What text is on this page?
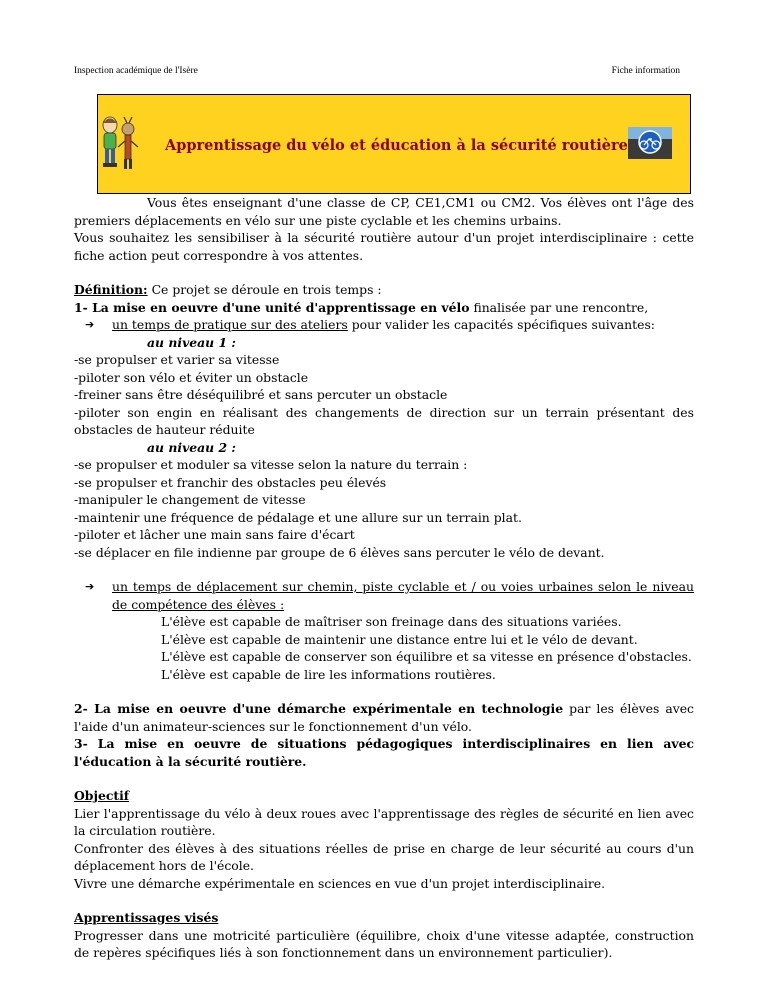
Inspection académique de l'Isère	Fiche information
Apprentissage du vélo et éducation à la sécurité routière

Vous êtes enseignant d'une classe de CP, CE1,CM1 ou CM2. Vos élèves ont l'âge des premiers déplacements en vélo sur une piste cyclable et les chemins urbains.

Vous souhaitez les sensibiliser à la sécurité routière autour d'un projet interdisciplinaire : cette fiche action peut correspondre à vos attentes.

Définition: Ce projet se déroule en trois temps :

1- La mise en oeuvre d'une unité d'apprentissage en vélo finalisée par une rencontre,

➔ un temps de pratique sur des ateliers pour valider les capacités spécifiques suivantes:

au niveau 1 :

-se propulser et varier sa vitesse

-piloter son vélo et éviter un obstacle

-freiner sans être déséquilibré et sans percuter un obstacle

-piloter son engin en réalisant des changements de direction sur un terrain présentant des obstacles de hauteur réduite

au niveau 2 :

-se propulser et moduler sa vitesse selon la nature du terrain :

-se propulser et franchir des obstacles peu élevés

-manipuler le changement de vitesse

-maintenir une fréquence de pédalage et une allure sur un terrain plat.

-piloter et lâcher une main sans faire d'écart

-se déplacer en file indienne par groupe de 6 élèves sans percuter le vélo de devant.

➔ un temps de déplacement sur chemin, piste cyclable et / ou voies urbaines selon le niveau de compétence des élèves :

L'élève est capable de maîtriser son freinage dans des situations variées.

L'élève est capable de maintenir une distance entre lui et le vélo de devant.

L'élève est capable de conserver son équilibre et sa vitesse en présence d'obstacles.

L'élève est capable de lire les informations routières.

2- La mise en oeuvre d'une démarche expérimentale en technologie par les élèves avec l'aide d'un animateur-sciences sur le fonctionnement d'un vélo.

3- La mise en oeuvre de situations pédagogiques interdisciplinaires en lien avec l'éducation à la sécurité routière.

Objectif

Lier l'apprentissage du vélo à deux roues avec l'apprentissage des règles de sécurité en lien avec la circulation routière.

Confronter des élèves à des situations réelles de prise en charge de leur sécurité au cours d'un déplacement hors de l'école.

Vivre une démarche expérimentale en sciences en vue d'un projet interdisciplinaire.

Apprentissages visés

Progresser dans une motricité particulière (équilibre, choix d'une vitesse adaptée, construction de repères spécifiques liés à son fonctionnement dans un environnement particulier).
